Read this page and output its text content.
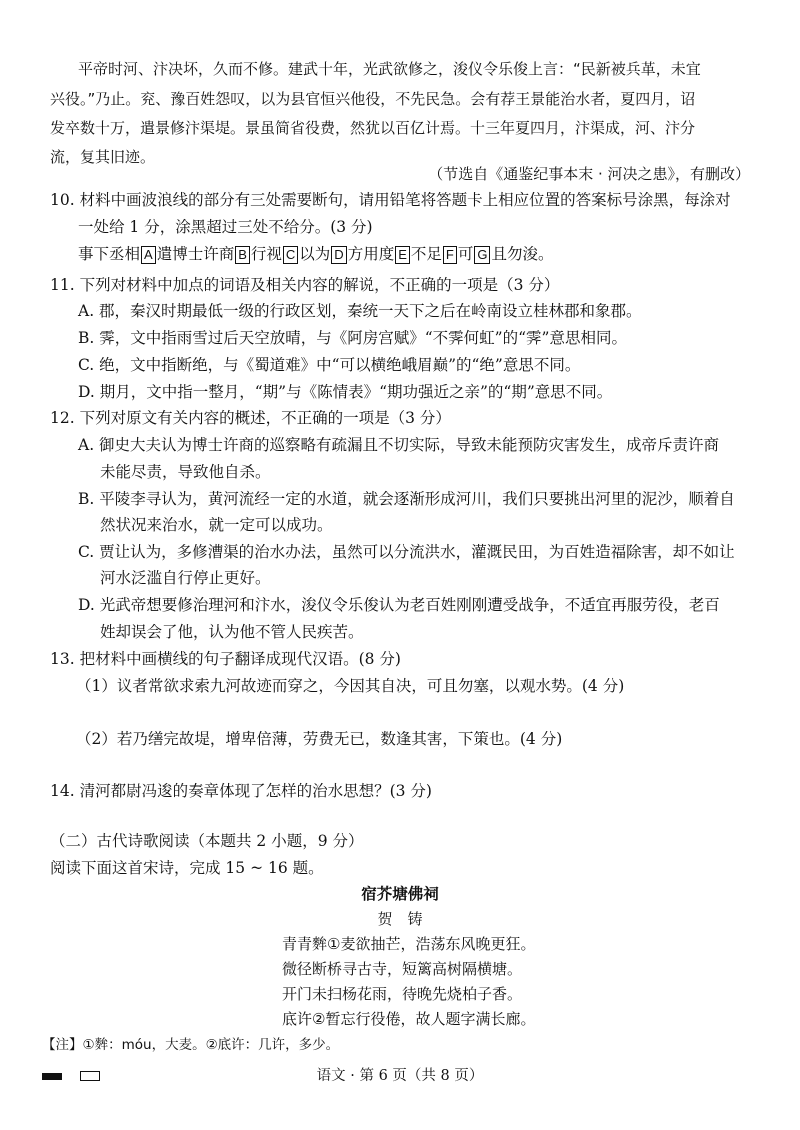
平帝时河、汴决坏，久而不修。建武十年，光武欲修之，浚仪令乐俊上言：“民新被兵革，未宜
兴役。”乃止。兖、豫百姓怨叹，以为县官恒兴他役，不先民急。会有荐王景能治水者，夏四月，诏
发卒数十万，遣景修汴渠堤。景虽简省役费，然犹以百亿计焉。十三年夏四月，汴渠成，河、汴分
流，复其旧迹。
（节选自《通鉴纪事本末 · 河决之患》，有删改）
10. 材料中画波浪线的部分有三处需要断句，请用铅笔将答题卡上相应位置的答案标号涂黑，每涂对
一处给 1 分，涂黑超过三处不给分。(3 分)
事下丞相 A 遣博士许商 B 行视 C 以为 D 方用度 E 不足 F 可 G 且勿浚。
11. 下列对材料中加点的词语及相关内容的解说，不正确的一项是（3 分）
A. 郡，秦汉时期最低一级的行政区划，秦统一天下之后在岭南设立桂林郡和象郡。
B. 霁，文中指雨雪过后天空放晴，与《阿房宫赋》“不霁何虹”的“霁”意思相同。
C. 绝，文中指断绝，与《蜀道难》中“可以横绝峨眉巅”的“绝”意思不同。
D. 期月，文中指一整月，“期”与《陈情表》“期功强近之亲”的“期”意思不同。
12. 下列对原文有关内容的概述，不正确的一项是（3 分）
A. 御史大夫认为博士许商的巡察略有疏漏且不切实际，导致未能预防灾害发生，成帝斥责许商
未能尽责，导致他自杀。
B. 平陵李寻认为，黄河流经一定的水道，就会逐渐形成河川，我们只要挑出河里的泥沙，顺着自
然状况来治水，就一定可以成功。
C. 贾让认为，多修漕渠的治水办法，虽然可以分流洪水，灌溉民田，为百姓造福除害，却不如让
河水泛滥自行停止更好。
D. 光武帝想要修治理河和汴水，浚仪令乐俊认为老百姓刚刚遭受战争，不适宜再服劳役，老百
姓却误会了他，认为他不管人民疾苦。
13. 把材料中画横线的句子翻译成现代汉语。(8 分)
（1）议者常欲求索九河故迹而穿之，今因其自决，可且勿塞，以观水势。(4 分)
（2）若乃缮完故堤，增卑倍薄，劳费无已，数逢其害，下策也。(4 分)
14. 清河都尉冯逡的奏章体现了怎样的治水思想？(3 分)
（二）古代诗歌阅读（本题共 2 小题，9 分）
阅读下面这首宋诗，完成 15 ~ 16 题。
宿芥塘佛祠
贺　铸
青青麰①麦欲抽芒，浩荡东风晚更狂。
微径断桥寻古寺，短篱高树隔横塘。
开门未扫杨花雨，待晚先烧柏子香。
底许②暂忘行役倦，故人题字满长廊。
【注】①麰：móu，大麦。②底许：几许，多少。
语文 · 第 6 页（共 8 页）
